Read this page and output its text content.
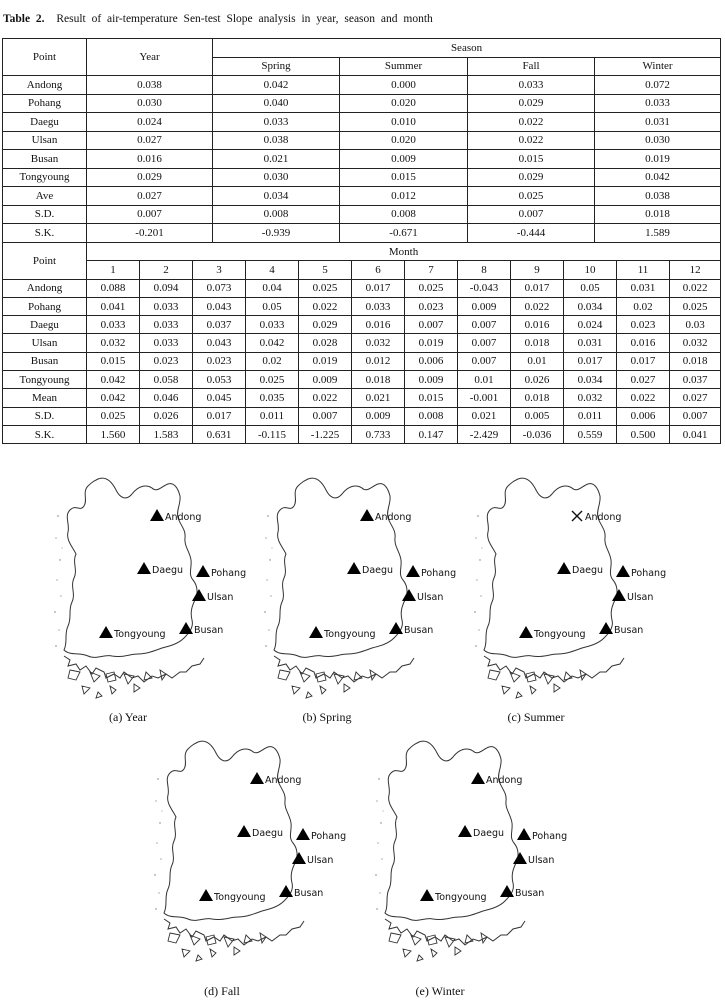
Table 2. Result of air-temperature Sen-test Slope analysis in year, season and month
Point	Year	Season			
		Spring	Summer	Fall	Winter
Andong	0.038	0.042	0.000	0.033	0.072
Pohang	0.030	0.040	0.020	0.029	0.033
Daegu	0.024	0.033	0.010	0.022	0.031
Ulsan	0.027	0.038	0.020	0.022	0.030
Busan	0.016	0.021	0.009	0.015	0.019
Tongyoung	0.029	0.030	0.015	0.029	0.042
Ave	0.027	0.034	0.012	0.025	0.038
S.D.	0.007	0.008	0.008	0.007	0.018
S.K.	-0.201	-0.939	-0.671	-0.444	1.589
Point	Month											
	1	2	3	4	5	6	7	8	9	10	11	12
Andong	0.088	0.094	0.073	0.04	0.025	0.017	0.025	-0.043	0.017	0.05	0.031	0.022
Pohang	0.041	0.033	0.043	0.05	0.022	0.033	0.023	0.009	0.022	0.034	0.02	0.025
Daegu	0.033	0.033	0.037	0.033	0.029	0.016	0.007	0.007	0.016	0.024	0.023	0.03
Ulsan	0.032	0.033	0.043	0.042	0.028	0.032	0.019	0.007	0.018	0.031	0.016	0.032
Busan	0.015	0.023	0.023	0.02	0.019	0.012	0.006	0.007	0.01	0.017	0.017	0.018
Tongyoung	0.042	0.058	0.053	0.025	0.009	0.018	0.009	0.01	0.026	0.034	0.027	0.037
Mean	0.042	0.046	0.045	0.035	0.022	0.021	0.015	-0.001	0.018	0.032	0.022	0.027
S.D.	0.025	0.026	0.017	0.011	0.007	0.009	0.008	0.021	0.005	0.011	0.006	0.007
S.K.	1.560	1.583	0.631	-0.115	-1.225	0.733	0.147	-2.429	-0.036	0.559	0.500	0.041
Andong
Daegu	Pohang
Ulsan
Busan
Tongyoung
(a) Year
Andong
Daegu	Pohang
Ulsan
Busan
Tongyoung
(b) Spring
Andong
Daegu	Pohang
Ulsan
Busan
Tongyoung
(c) Summer
Andong
Daegu	Pohang
Ulsan
Busan
Tongyoung
(d) Fall
Andong
Daegu	Pohang
Ulsan
Busan
Tongyoung
(e) Winter
